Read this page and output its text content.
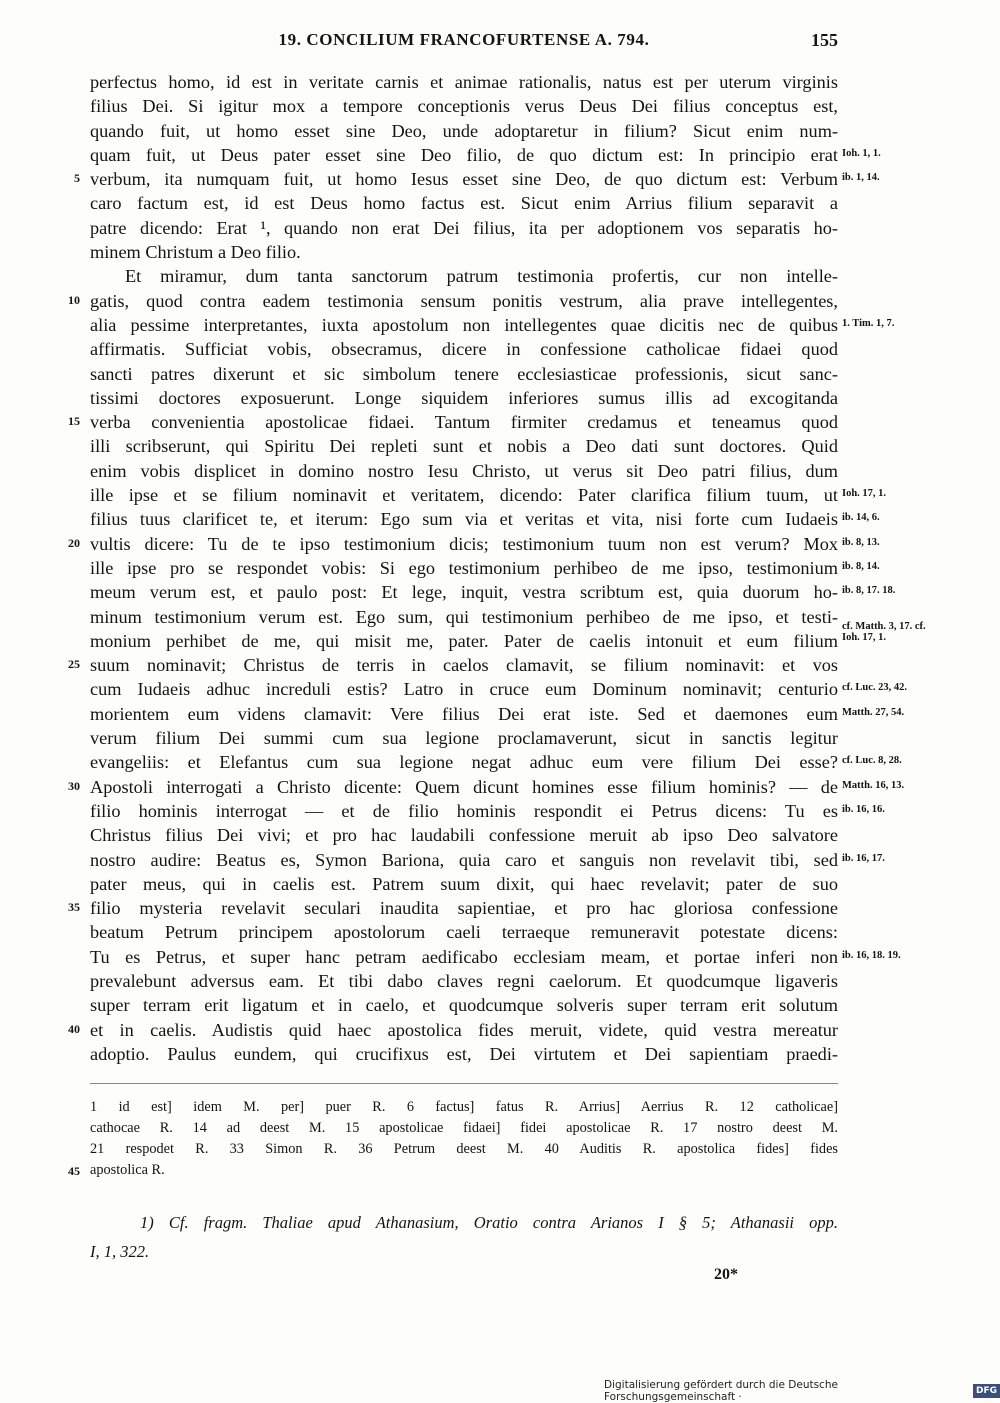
19. CONCILIUM FRANCOFURTENSE A. 794.	155
perfectus homo, id est in veritate carnis et animae rationalis, natus est per uterum virginis
filius Dei. Si igitur mox a tempore conceptionis verus Deus Dei filius conceptus est,
quando fuit, ut homo esset sine Deo, unde adoptaretur in filium? Sicut enim num-
quam fuit, ut Deus pater esset sine Deo filio, de quo dictum est: In principio erat Ioh. 1, 1.
5 verbum, ita numquam fuit, ut homo Iesus esset sine Deo, de quo dictum est: Verbum ib. 1, 14.
caro factum est, id est Deus homo factus est. Sicut enim Arrius filium separavit a
patre dicendo: Erat ¹, quando non erat Dei filius, ita per adoptionem vos separatis ho-
minem Christum a Deo filio.
Et miramur, dum tanta sanctorum patrum testimonia profertis, cur non intelle-
10 gatis, quod contra eadem testimonia sensum ponitis vestrum, alia prave intellegentes,
alia pessime interpretantes, iuxta apostolum non intellegentes quae dicitis nec de quibus 1. Tim. 1, 7.
affirmatis. Sufficiat vobis, obsecramus, dicere in confessione catholicae fidaei quod
sancti patres dixerunt et sic simbolum tenere ecclesiasticae professionis, sicut sanc-
tissimi doctores exposuerunt. Longe siquidem inferiores sumus illis ad excogitanda
15 verba convenientia apostolicae fidaei. Tantum firmiter credamus et teneamus quod
illi scribserunt, qui Spiritu Dei repleti sunt et nobis a Deo dati sunt doctores. Quid
enim vobis displicet in domino nostro Iesu Christo, ut verus sit Deo patri filius, dum
ille ipse et se filium nominavit et veritatem, dicendo: Pater clarifica filium tuum, ut Ioh. 17, 1.
filius tuus clarificet te, et iterum: Ego sum via et veritas et vita, nisi forte cum Iudaeis ib. 14, 6.
20 vultis dicere: Tu de te ipso testimonium dicis; testimonium tuum non est verum? Mox ib. 8, 13.
ille ipse pro se respondet vobis: Si ego testimonium perhibeo de me ipso, testimonium ib. 8, 14.
meum verum est, et paulo post: Et lege, inquit, vestra scribtum est, quia duorum ho- ib. 8, 17. 18.
minum testimonium verum est. Ego sum, qui testimonium perhibeo de me ipso, et testi-
monium perhibet de me, qui misit me, pater. Pater de caelis intonuit et eum filium
cf. Matth. 3, 17. cf. Ioh. 17, 1.
25 suum nominavit; Christus de terris in caelos clamavit, se filium nominavit: et vos
cum Iudaeis adhuc increduli estis? Latro in cruce eum Dominum nominavit; centurio cf. Luc. 23, 42.
morientem eum videns clamavit: Vere filius Dei erat iste. Sed et daemones eum Matth. 27, 54.
verum filium Dei summi cum sua legione proclamaverunt, sicut in sanctis legitur
evangeliis: et Elefantus cum sua legione negat adhuc eum vere filium Dei esse? cf. Luc. 8, 28.
30 Apostoli interrogati a Christo dicente: Quem dicunt homines esse filium hominis? — de Matth. 16, 13.
filio hominis interrogat — et de filio hominis respondit ei Petrus dicens: Tu es ib. 16, 16.
Christus filius Dei vivi; et pro hac laudabili confessione meruit ab ipso Deo salvatore
nostro audire: Beatus es, Symon Bariona, quia caro et sanguis non revelavit tibi, sed ib. 16, 17.
pater meus, qui in caelis est. Patrem suum dixit, qui haec revelavit; pater de suo
35 filio mysteria revelavit seculari inaudita sapientiae, et pro hac gloriosa confessione
beatum Petrum principem apostolorum caeli terraeque remuneravit potestate dicens:
Tu es Petrus, et super hanc petram aedificabo ecclesiam meam, et portae inferi non ib. 16, 18. 19.
prevalebunt adversus eam. Et tibi dabo claves regni caelorum. Et quodcumque ligaveris
super terram erit ligatum et in caelo, et quodcumque solveris super terram erit solutum
40 et in caelis. Audistis quid haec apostolica fides meruit, videte, quid vestra mereatur
adoptio. Paulus eundem, qui crucifixus est, Dei virtutem et Dei sapientiam praedi-
1 id est] idem M. per] puer R. 6 factus] fatus R. Arrius] Aerrius R. 12 catholicae]
cathocae R. 14 ad deest M. 15 apostolicae fidaei] fidei apostolicae R. 17 nostro deest M.
21 respodet R. 33 Simon R. 36 Petrum deest M. 40 Auditis R. apostolica fides] fides
45 apostolica R.
1) Cf. fragm. Thaliae apud Athanasium, Oratio contra Arianos I § 5; Athanasii opp.
I, 1, 322.
20*
Digitalisierung gefördert durch die Deutsche Forschungsgemeinschaft ·	DFG
